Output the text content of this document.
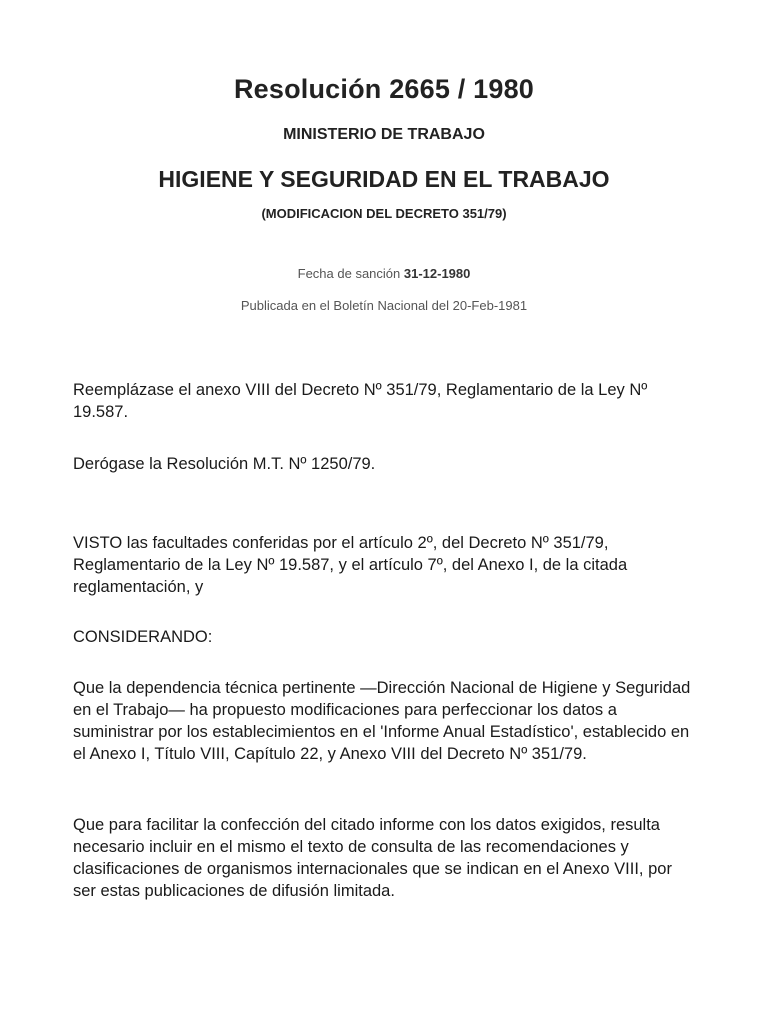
Resolución 2665 / 1980
MINISTERIO DE TRABAJO
HIGIENE Y SEGURIDAD EN EL TRABAJO
(MODIFICACION DEL DECRETO 351/79)
Fecha de sanción 31-12-1980
Publicada en el Boletín Nacional del 20-Feb-1981

Reemplázase el anexo VIII del Decreto Nº 351/79, Reglamentario de la Ley Nº 19.587.

Derógase la Resolución M.T. Nº 1250/79.

VISTO las facultades conferidas por el artículo 2º, del Decreto Nº 351/79, Reglamentario de la Ley Nº 19.587, y el artículo 7º, del Anexo I, de la citada reglamentación, y

CONSIDERANDO:

Que la dependencia técnica pertinente —Dirección Nacional de Higiene y Seguridad en el Trabajo— ha propuesto modificaciones para perfeccionar los datos a suministrar por los establecimientos en el 'Informe Anual Estadístico', establecido en el Anexo I, Título VIII, Capítulo 22, y Anexo VIII del Decreto Nº 351/79.

Que para facilitar la confección del citado informe con los datos exigidos, resulta necesario incluir en el mismo el texto de consulta de las recomendaciones y clasificaciones de organismos internacionales que se indican en el Anexo VIII, por ser estas publicaciones de difusión limitada.
